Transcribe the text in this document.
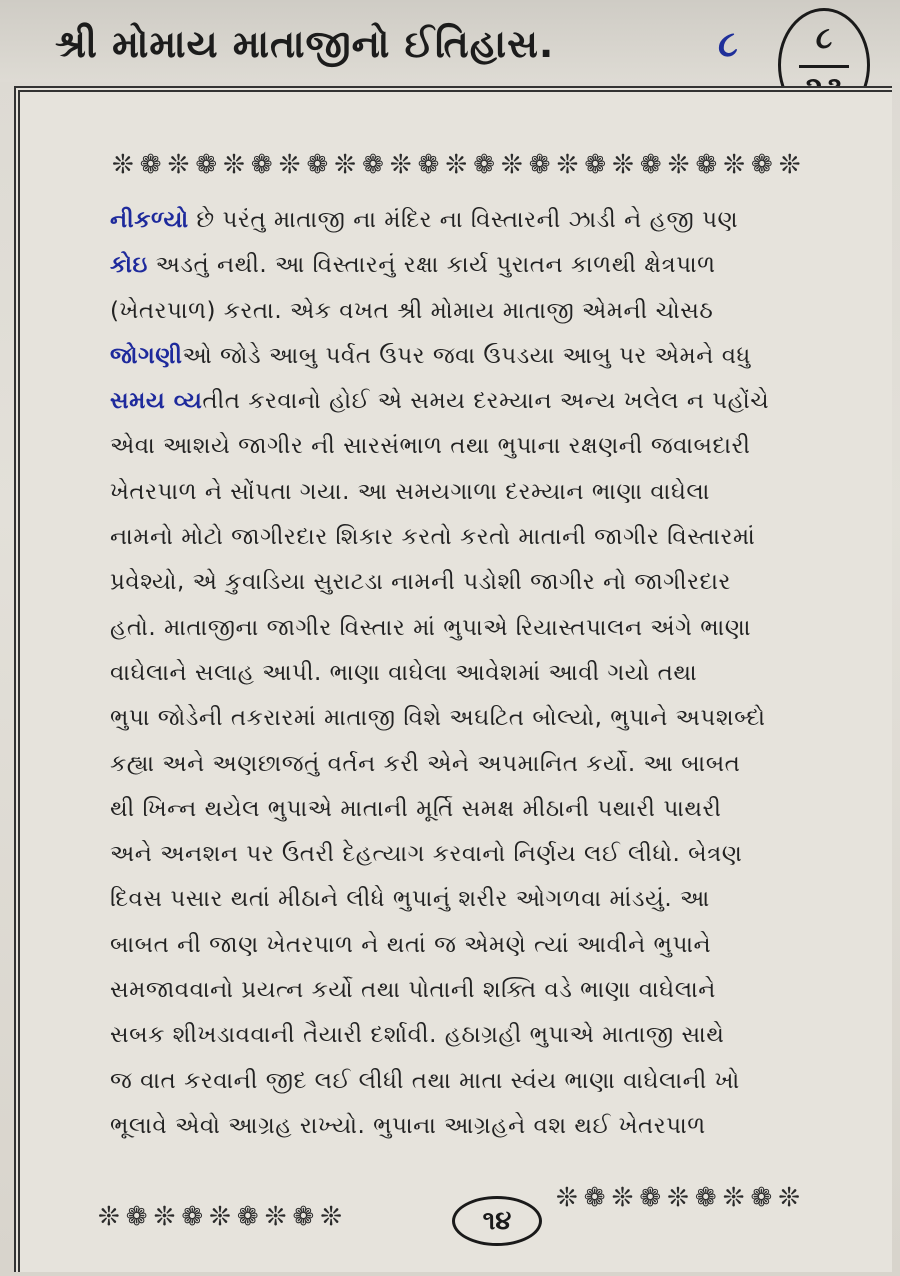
શ્રી મોમાય માતાજીનો ઈતિહાસ.	૮	૮
❊❁❊❁❊❁❊❁❊❁❊❁❊❁❊❁❊❁❊❁❊❁❊❁❊
નીકળ્યો છે પરંતુ માતાજી ના મંદિર ના વિસ્તારની ઝાડી ને હજી પણ
કોઇ અડતું નથી. આ વિસ્તારનું રક્ષા કાર્ય પુરાતન કાળથી ક્ષેત્રપાળ
(ખેતરપાળ) કરતા. એક વખત શ્રી મોમાય માતાજી એમની ચોસઠ
જોગણીઓ જોડે આબુ પર્વત ઉપર જવા ઉપડયા આબુ પર એમને વધુ
સમય વ્યતીત કરવાનો હોઈ એ સમય દરમ્યાન અન્ય ખલેલ ન પહોંચે
એવા આશયે જાગીર ની સારસંભાળ તથા ભુપાના રક્ષણની જવાબદારી
ખેતરપાળ ને સોંપતા ગયા. આ સમયગાળા દરમ્યાન ભાણા વાઘેલા
નામનો મોટો જાગીરદાર શિકાર કરતો કરતો માતાની જાગીર વિસ્તારમાં
પ્રવેશ્યો, એ કુવાડિયા સુરાટડા નામની પડોશી જાગીર નો જાગીરદાર
હતો. માતાજીના જાગીર વિસ્તાર માં ભુપાએ રિયાસ્તપાલન અંગે ભાણા
વાઘેલાને સલાહ આપી. ભાણા વાઘેલા આવેશમાં આવી ગયો તથા
ભુપા જોડેની તકરારમાં માતાજી વિશે અઘટિત બોલ્યો, ભુપાને અપશબ્દો
કહ્યા અને અણછાજતું વર્તન કરી એને અપમાનિત કર્યો. આ બાબત
થી ખિન્ન થયેલ ભુપાએ માતાની મૂર્તિ સમક્ષ મીઠાની પથારી પાથરી
અને અનશન પર ઉતરી દેહત્યાગ કરવાનો નિર્ણય લઈ લીધો. બેત્રણ
દિવસ પસાર થતાં મીઠાને લીધે ભુપાનું શરીર ઓગળવા માંડયું. આ
બાબત ની જાણ ખેતરપાળ ને થતાં જ એમણે ત્યાં આવીને ભુપાને
સમજાવવાનો પ્રયત્ન કર્યો તથા પોતાની શક્તિ વડે ભાણા વાઘેલાને
સબક શીખડાવવાની તૈયારી દર્શાવી. હઠાગ્રહી ભુપાએ માતાજી સાથે
જ વાત કરવાની જીદ લઈ લીધી તથા માતા સ્વંય ભાણા વાઘેલાની ખો
ભૂલાવે એવો આગ્રહ રાખ્યો. ભુપાના આગ્રહને વશ થઈ ખેતરપાળ
❊❁❊❁❊❁❊❁❊	૧૪
❊❁❊❁❊❁❊❁❊
